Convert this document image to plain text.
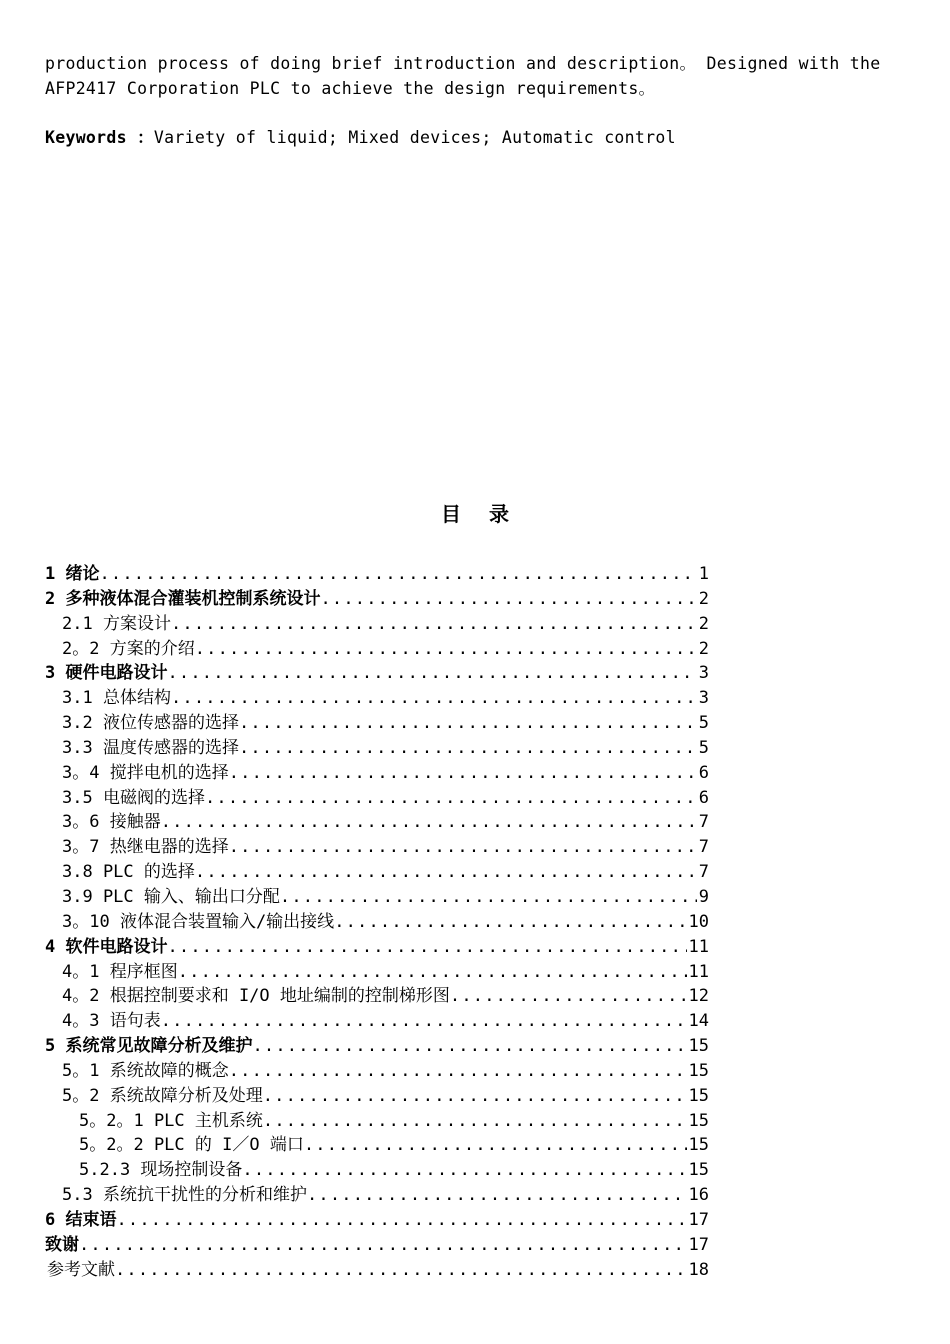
production process of doing brief introduction and description。 Designed with the
AFP2417 Corporation PLC to achieve the design requirements。
Keywords ：Variety of liquid; Mixed devices; Automatic control
目 录
1 绪论 .....	1
2 多种液体混合灌装机控制系统设计 .....	2
2.1 方案设计 .....	2
2。2 方案的介绍 .....	2
3 硬件电路设计 .....	3
3.1 总体结构 .....	3
3.2 液位传感器的选择 .....	5
3.3 温度传感器的选择 .....	5
3。4 搅拌电机的选择 .....	6
3.5 电磁阀的选择 .....	6
3。6 接触器 .....	7
3。7 热继电器的选择 .....	7
3.8 PLC 的选择 .....	7
3.9 PLC 输入、输出口分配 .....	9
3。10 液体混合装置输入/输出接线 .....	10
4 软件电路设计 .....	11
4。1 程序框图 .....	11
4。2 根据控制要求和 I/O 地址编制的控制梯形图 .....	12
4。3 语句表 .....	14
5 系统常见故障分析及维护 .....	15
5。1 系统故障的概念 .....	15
5。2 系统故障分析及处理 .....	15
5。2。1 PLC 主机系统 .....	15
5。2。2 PLC 的 I／O 端口 .....	15
5.2.3 现场控制设备 .....	15
5.3 系统抗干扰性的分析和维护 .....	16
6 结束语 .....	17
致谢 .....	17
参考文献 .....	18
